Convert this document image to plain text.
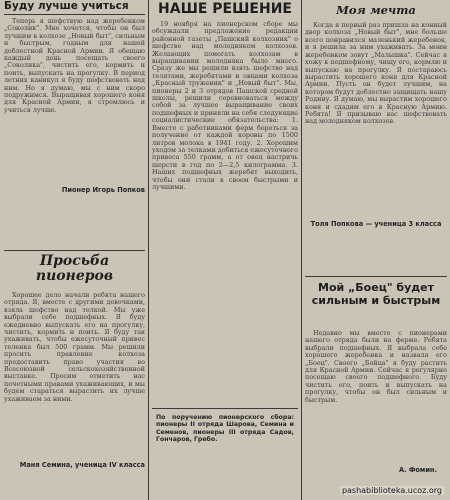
Буду лучше учиться

Теперь я шефствую над жеребенком „Соколик". Мне хочется, чтобы он был лучшим в колхозе „Новый быт", сильным и быстрым, годным для нашей доблестной Красной Армии. Я обещаю каждый день посещать своего „Соколика", чистить его, кормить и поить, выпускать на прогулку. В период летних каникул я буду шефствовать над ним. Но я думаю, мы с ним скоро подружимся. Выращивая хорошего коня для Красной Армии, я стремлюсь и учиться лучше.

Пионер Игорь Попков

Просьба пионеров

Хорошее дело начали ребята нашего отряда. Я, вместе с другими девочками, взяла шефство над телкой. Мы уже выбрали себе подшефных. Я буду ежедневно выпускать его на прогулку, чистить, кормить и поить. Я буду так ухаживать, чтобы ежесуточный привес теленка был 500 грамм. Мы решили просить правление колхоза предоставить право участия во Всесоюзной сельскохозяйственной выставке. Просим отметить нас почетными правами ухаживающих, и мы будем стараться вырастить их лучше ухаживаем за ними.

Маня Семина, ученица IV класса

НАШЕ РЕШЕНИЕ

19 ноября на пионерском сборе мы обсуждали предложение редакции районной газеты „Пашский колхозник" о шефстве над молодняком колхозов. Желающих помогать колхозам в выращивании молодняка было много. Сразу же мы решили взять шефство над телятами, жеребятами и овцами колхоза „Красный труженик" и „Новый быт". Мы, пионеры 2 и 3 отрядов Пашской средней школы, решили соревноваться между собой за лучшее выращивание своих подшефных и приняли на себя следующие социалистические обязательства: 1. Вместе с работниками ферм бороться за получение от каждой коровы по 1500 литров молока в 1941 году. 2. Хорошим уходом за телками добиться ежесуточного привеса 550 грамм, а от овец настричь шерсти в год по 2—2,5 килограмма. 3. Наших подшефных жеребят выходить, чтобы они стали в своем быстрыми и лучшими.

По поручению пионерского сбора: пионеры II отряда Шарова, Семина и Семенов, пионеры III отряда Садов, Гончаров, Гребо.

Моя мечта

Когда я первый раз пришла на конный двор колхоза „Новый быт", мне больше всего понравился маленький жеребенок, и я решила за ним ухаживать. За моим жеребенком зовут „Малышка". Сейчас я хожу к подшефному, чищу его, кормлю и выпускаю на прогулку. Я постараюсь вырастить хорошего коня для Красной Армии. Пусть он будет лучшим, на котором будут доблестно защищать нашу Родину. Я думаю, мы вырастим хорошего коня и сдадим его в Красную Армию. Ребята! Я призываю вас шефствовать над молодняком колхозов.

Толя Попкова — ученица 3 класса

Мой „Боец" будет сильным и быстрым

Недавно мы вместе с пионерами нашего отряда были на ферме. Ребята выбрали подшефных. Я выбрала себе хорошего жеребенка и назвала его „Боец". Своего „Бойца" я буду растить для Красной Армии. Сейчас я регулярно посещаю своего подшефного. Буду чистить его, поить и выпускать на прогулку, чтобы он был сильным и быстрым.

А. Фомин.

pashabiblioteka.ucoz.org
